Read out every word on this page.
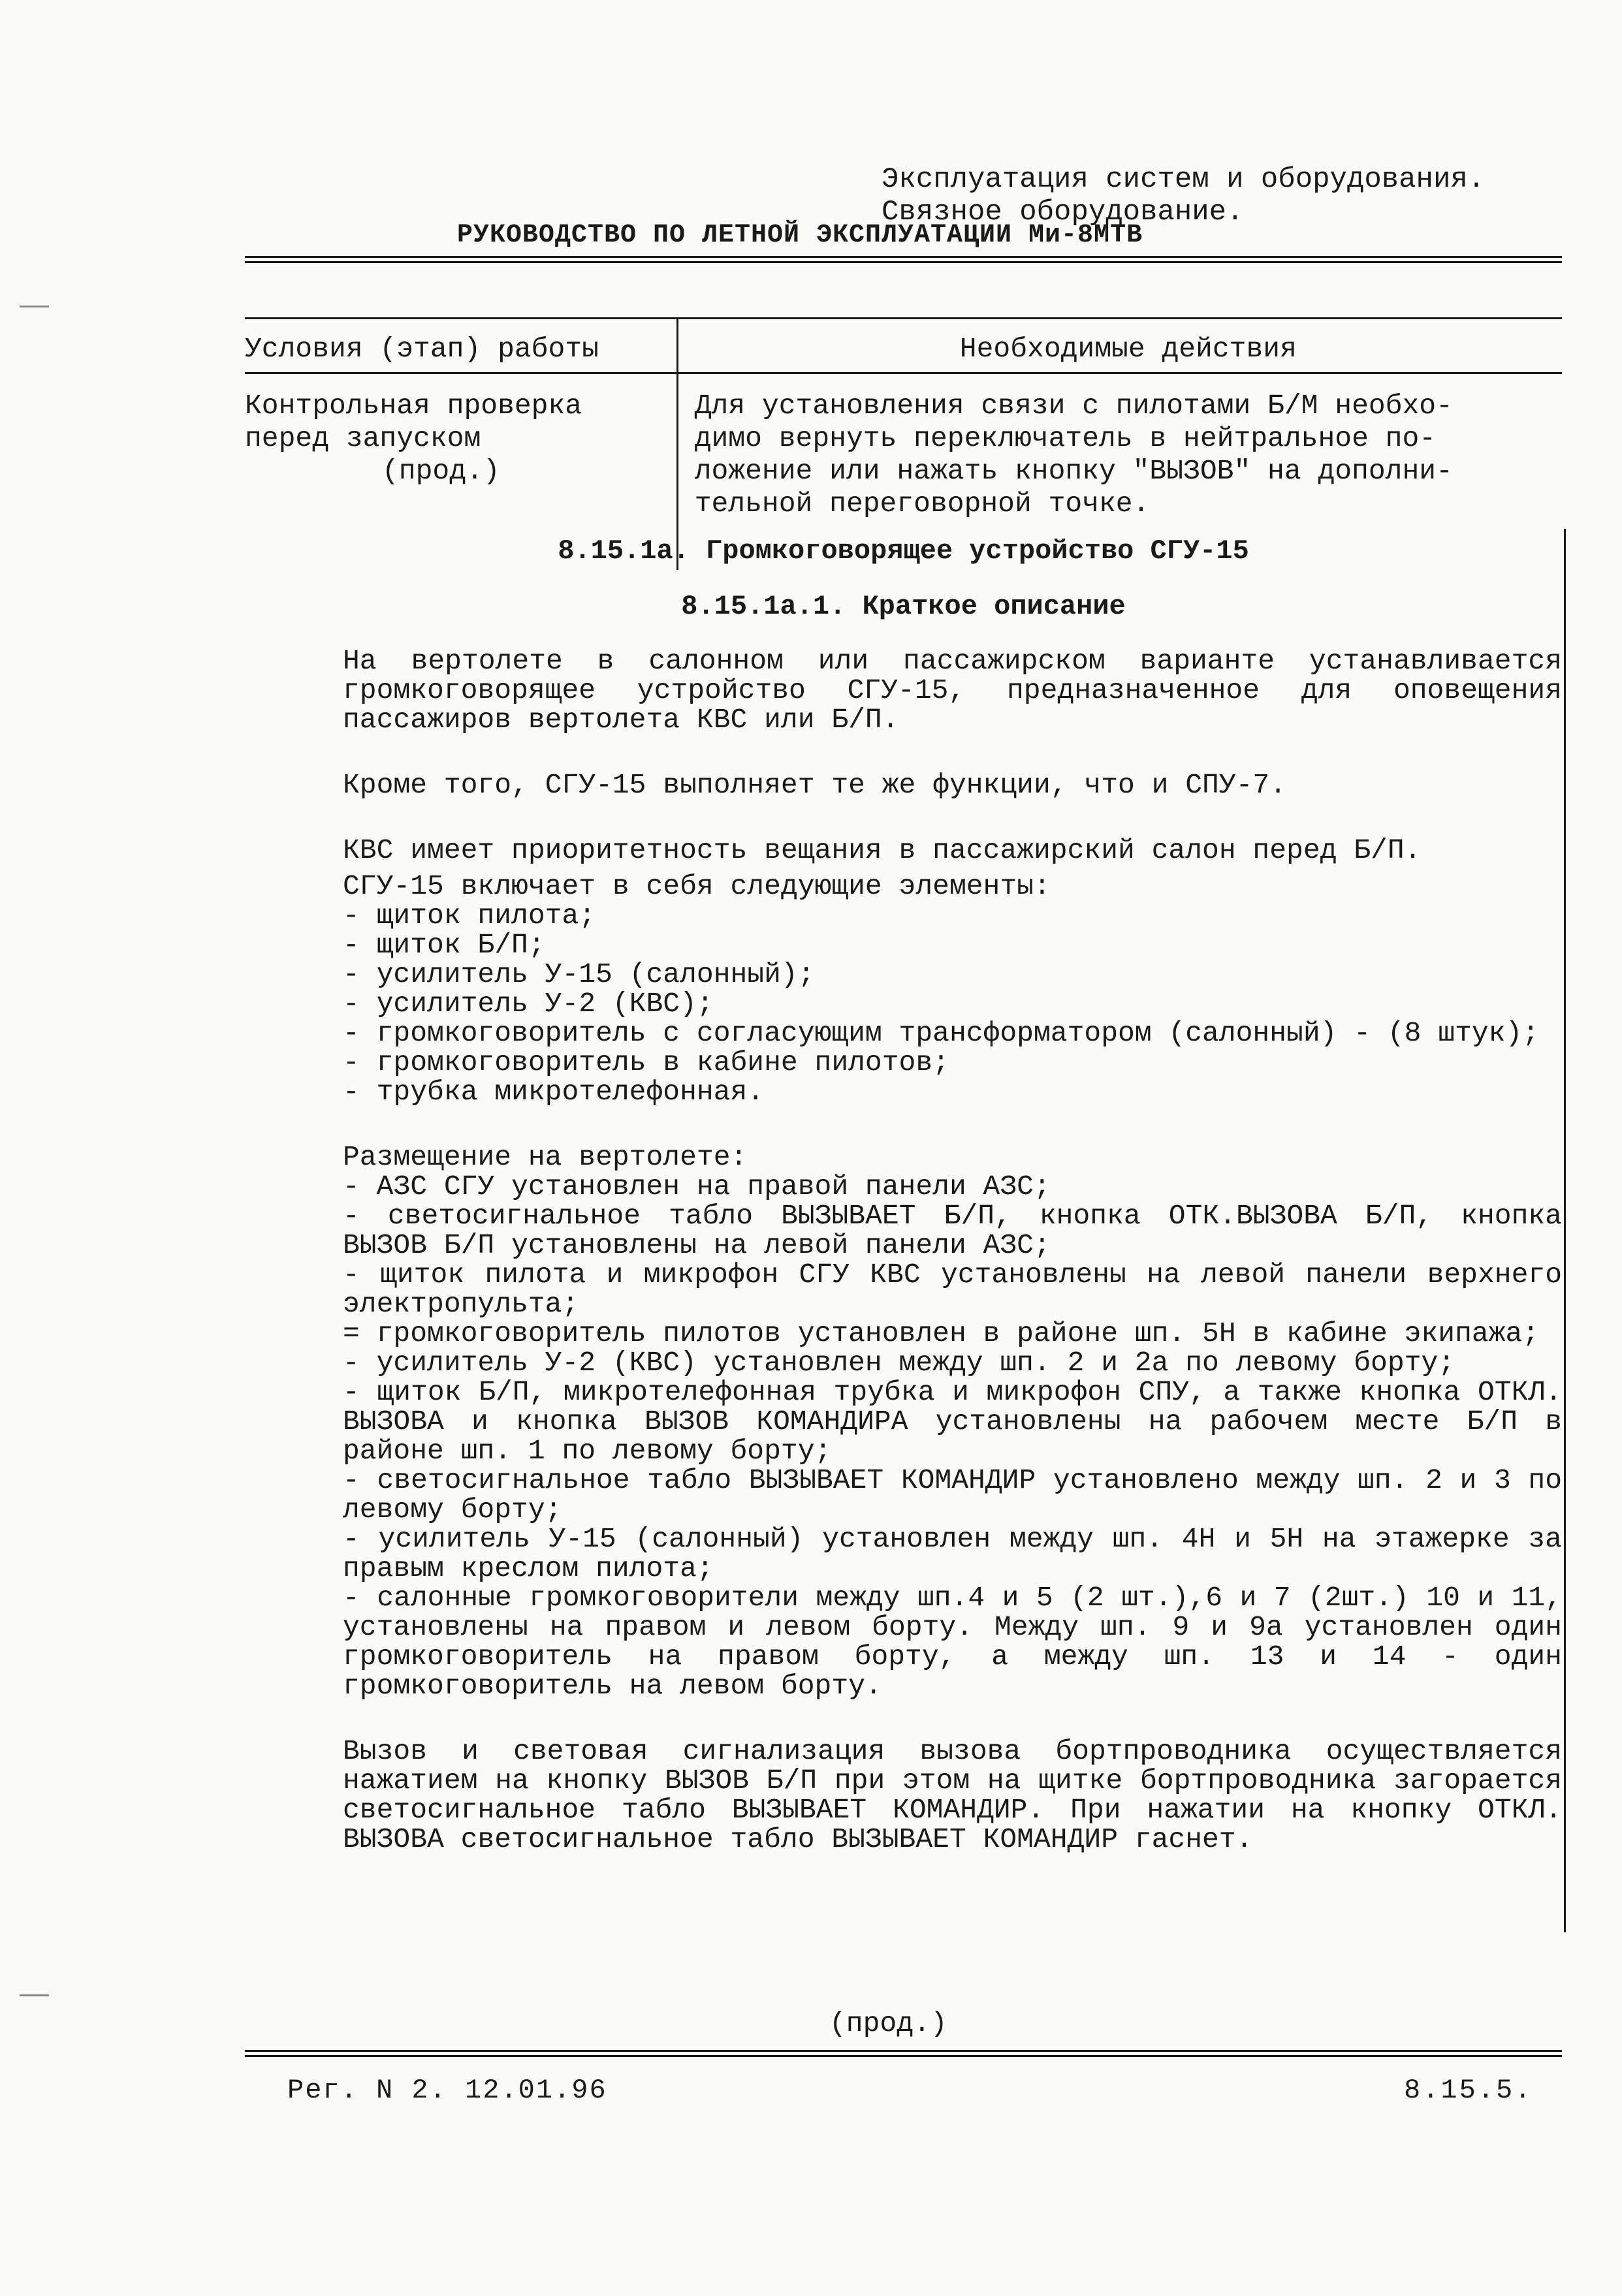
Эксплуатация систем и оборудования.
Связное оборудование.
РУКОВОДСТВО ПО ЛЕТНОЙ ЭКСПЛУАТАЦИИ Ми-8МТВ
Условия (этап) работы	Необходимые действия
Контрольная проверка
перед запуском
(прод.)
Для установления связи с пилотами Б/М необхо-
димо вернуть переключатель в нейтральное по-
ложение или нажать кнопку "ВЫЗОВ" на дополни-
тельной переговорной точке.
8.15.1а. Громкоговорящее устройство СГУ-15
8.15.1а.1. Краткое описание

На вертолете в салонном или пассажирском варианте устанавливается громкоговорящее устройство СГУ-15, предназначенное для оповещения пассажиров вертолета КВС или Б/П.

Кроме того, СГУ-15 выполняет те же функции, что и СПУ-7.

КВС имеет приоритетность вещания в пассажирский салон перед Б/П.

СГУ-15 включает в себя следующие элементы:
- щиток пилота;
- щиток Б/П;
- усилитель У-15 (салонный);
- усилитель У-2 (КВС);

- громкоговоритель с согласующим трансформатором (салонный) - (8 штук);

- громкоговоритель в кабине пилотов;
- трубка микротелефонная.
Размещение на вертолете:

- АЗС СГУ установлен на правой панели АЗС;

- светосигнальное табло ВЫЗЫВАЕТ Б/П, кнопка ОТК.ВЫЗОВА Б/П, кнопка ВЫЗОВ Б/П установлены на левой панели АЗС;

- щиток пилота и микрофон СГУ КВС установлены на левой панели верхнего электропульта;

= громкоговоритель пилотов установлен в районе шп. 5Н в кабине экипажа;

- усилитель У-2 (КВС) установлен между шп. 2 и 2а по левому борту;

- щиток Б/П, микротелефонная трубка и микрофон СПУ, а также кнопка ОТКЛ. ВЫЗОВА и кнопка ВЫЗОВ КОМАНДИРА установлены на рабочем месте Б/П в районе шп. 1 по левому борту;

- светосигнальное табло ВЫЗЫВАЕТ КОМАНДИР установлено между шп. 2 и 3 по левому борту;

- усилитель У-15 (салонный) установлен между шп. 4Н и 5Н на этажерке за правым креслом пилота;

- салонные громкоговорители между шп.4 и 5 (2 шт.),6 и 7 (2шт.) 10 и 11, установлены на правом и левом борту. Между шп. 9 и 9а установлен один громкоговоритель на правом борту, а между шп. 13 и 14 - один громкоговоритель на левом борту.

Вызов и световая сигнализация вызова бортпроводника осуществляется нажатием на кнопку ВЫЗОВ Б/П при этом на щитке бортпроводника загорается светосигнальное табло ВЫЗЫВАЕТ КОМАНДИР. При нажатии на кнопку ОТКЛ. ВЫЗОВА светосигнальное табло ВЫЗЫВАЕТ КОМАНДИР гаснет.

(прод.)
Рег. N 2. 12.01.96	8.15.5.
